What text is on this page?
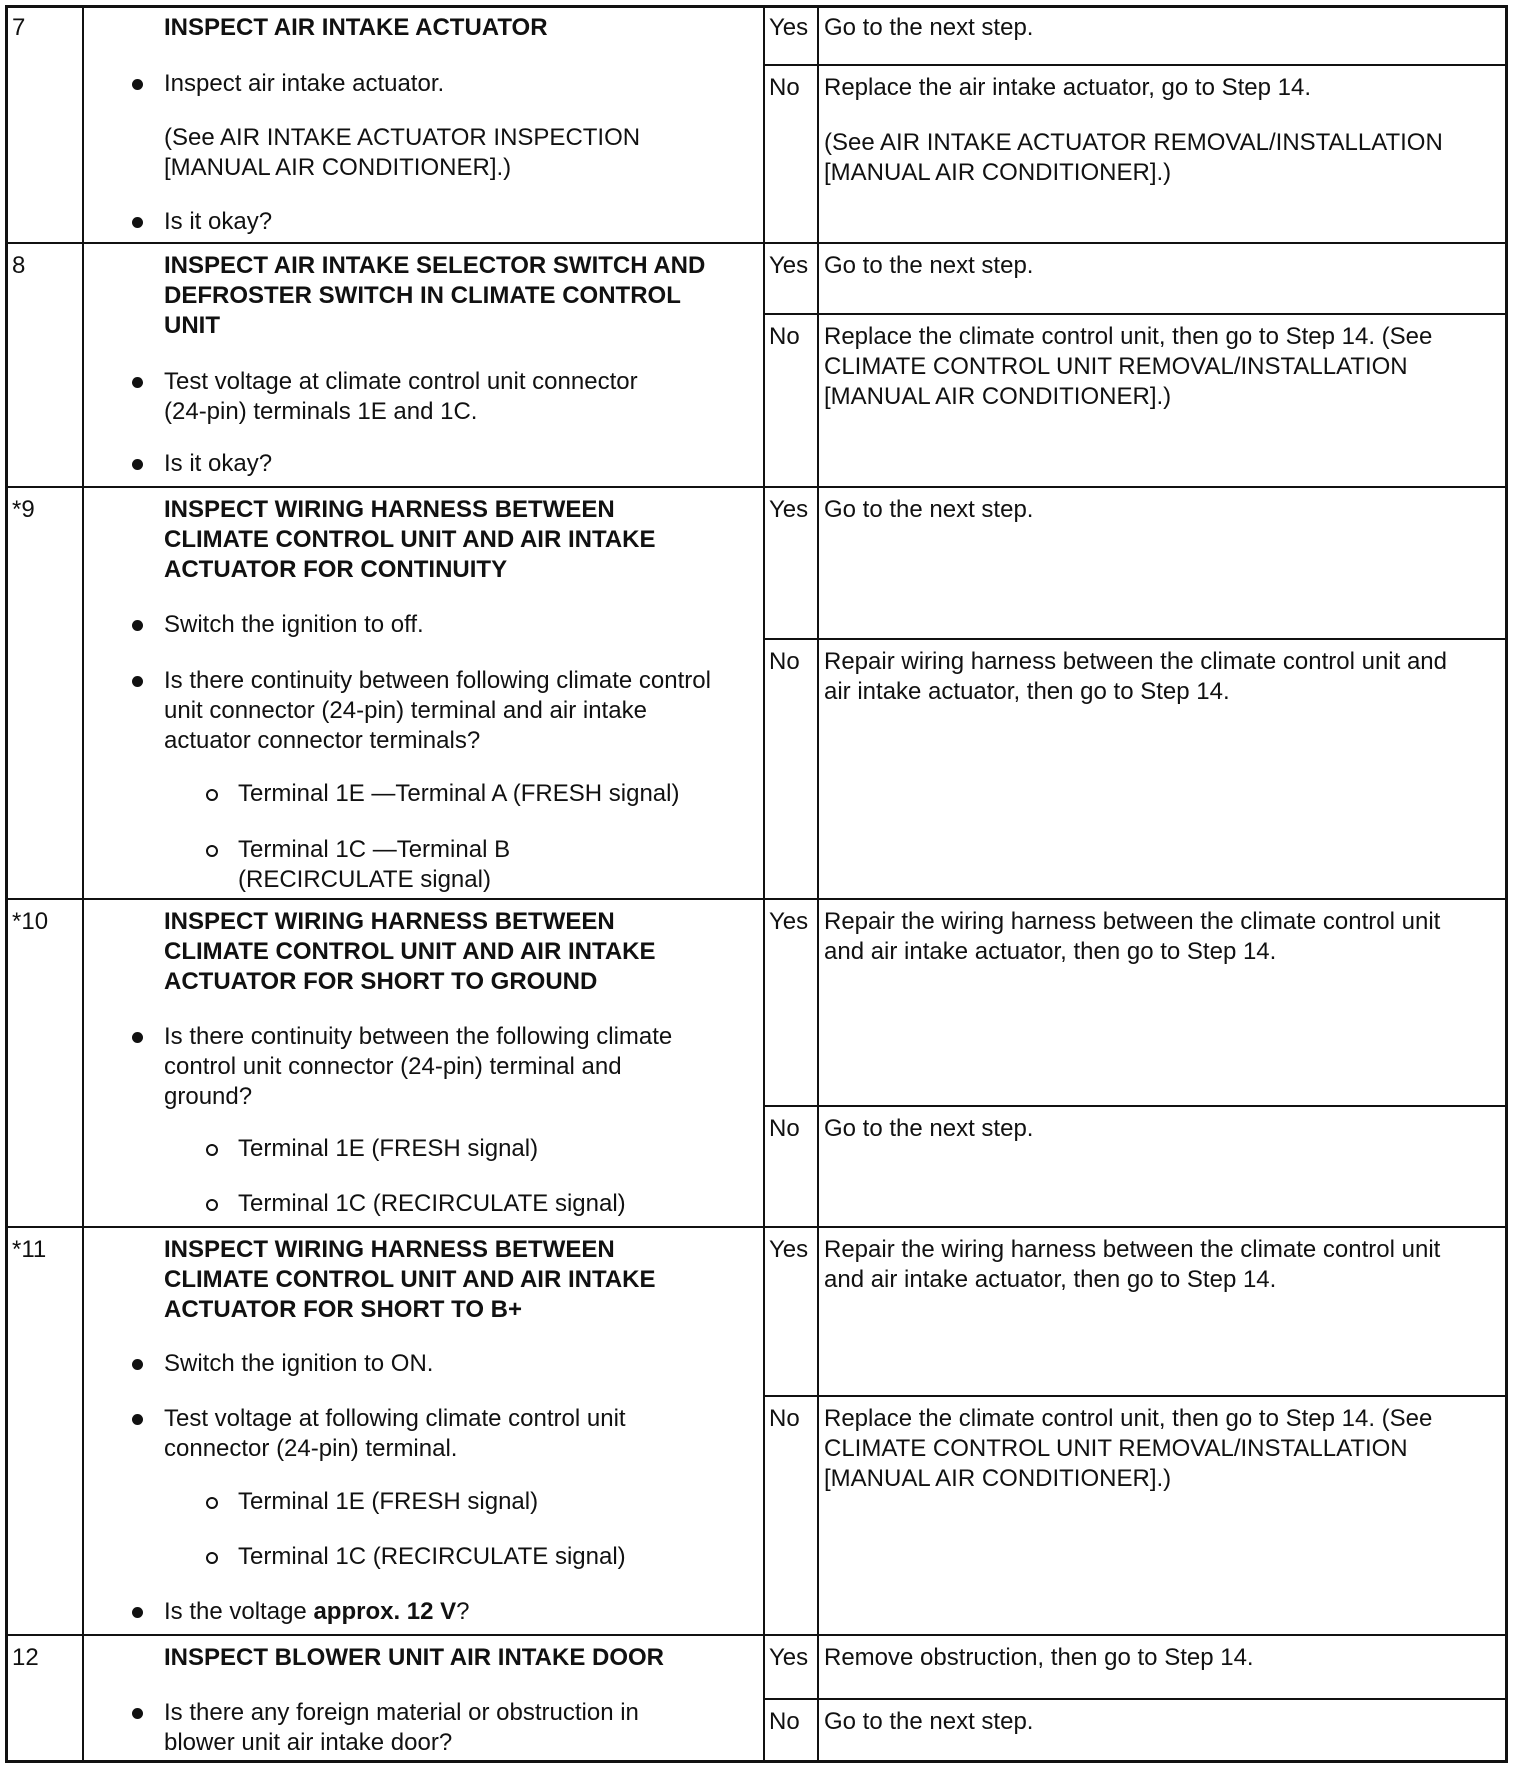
7	INSPECT AIR INTAKE ACTUATOR
Inspect air intake actuator.
(See AIR INTAKE ACTUATOR INSPECTION
[MANUAL AIR CONDITIONER].)
Is it okay?
Yes Go to the next step.
No Replace the air intake actuator, go to Step 14.
(See AIR INTAKE ACTUATOR REMOVAL/INSTALLATION
[MANUAL AIR CONDITIONER].)
8	INSPECT AIR INTAKE SELECTOR SWITCH AND
DEFROSTER SWITCH IN CLIMATE CONTROL
UNIT
Test voltage at climate control unit connector
(24-pin) terminals 1E and 1C.
Is it okay?
Yes Go to the next step.
No Replace the climate control unit, then go to Step 14. (See
CLIMATE CONTROL UNIT REMOVAL/INSTALLATION
[MANUAL AIR CONDITIONER].)
*9	INSPECT WIRING HARNESS BETWEEN
CLIMATE CONTROL UNIT AND AIR INTAKE
ACTUATOR FOR CONTINUITY
Switch the ignition to off.
Is there continuity between following climate control
unit connector (24-pin) terminal and air intake
actuator connector terminals?
Terminal 1E —Terminal A (FRESH signal)
Terminal 1C —Terminal B
(RECIRCULATE signal)
Yes Go to the next step.
No Repair wiring harness between the climate control unit and
air intake actuator, then go to Step 14.
*10	INSPECT WIRING HARNESS BETWEEN
CLIMATE CONTROL UNIT AND AIR INTAKE
ACTUATOR FOR SHORT TO GROUND
Is there continuity between the following climate
control unit connector (24-pin) terminal and
ground?
Terminal 1E (FRESH signal)
Terminal 1C (RECIRCULATE signal)
Yes Repair the wiring harness between the climate control unit
and air intake actuator, then go to Step 14.
No Go to the next step.
*11	INSPECT WIRING HARNESS BETWEEN
CLIMATE CONTROL UNIT AND AIR INTAKE
ACTUATOR FOR SHORT TO B+
Switch the ignition to ON.
Test voltage at following climate control unit
connector (24-pin) terminal.
Terminal 1E (FRESH signal)
Terminal 1C (RECIRCULATE signal)
Is the voltage approx. 12 V?
Yes Repair the wiring harness between the climate control unit
and air intake actuator, then go to Step 14.
No Replace the climate control unit, then go to Step 14. (See
CLIMATE CONTROL UNIT REMOVAL/INSTALLATION
[MANUAL AIR CONDITIONER].)
12	INSPECT BLOWER UNIT AIR INTAKE DOOR
Is there any foreign material or obstruction in
blower unit air intake door?
Yes Remove obstruction, then go to Step 14.
No Go to the next step.
